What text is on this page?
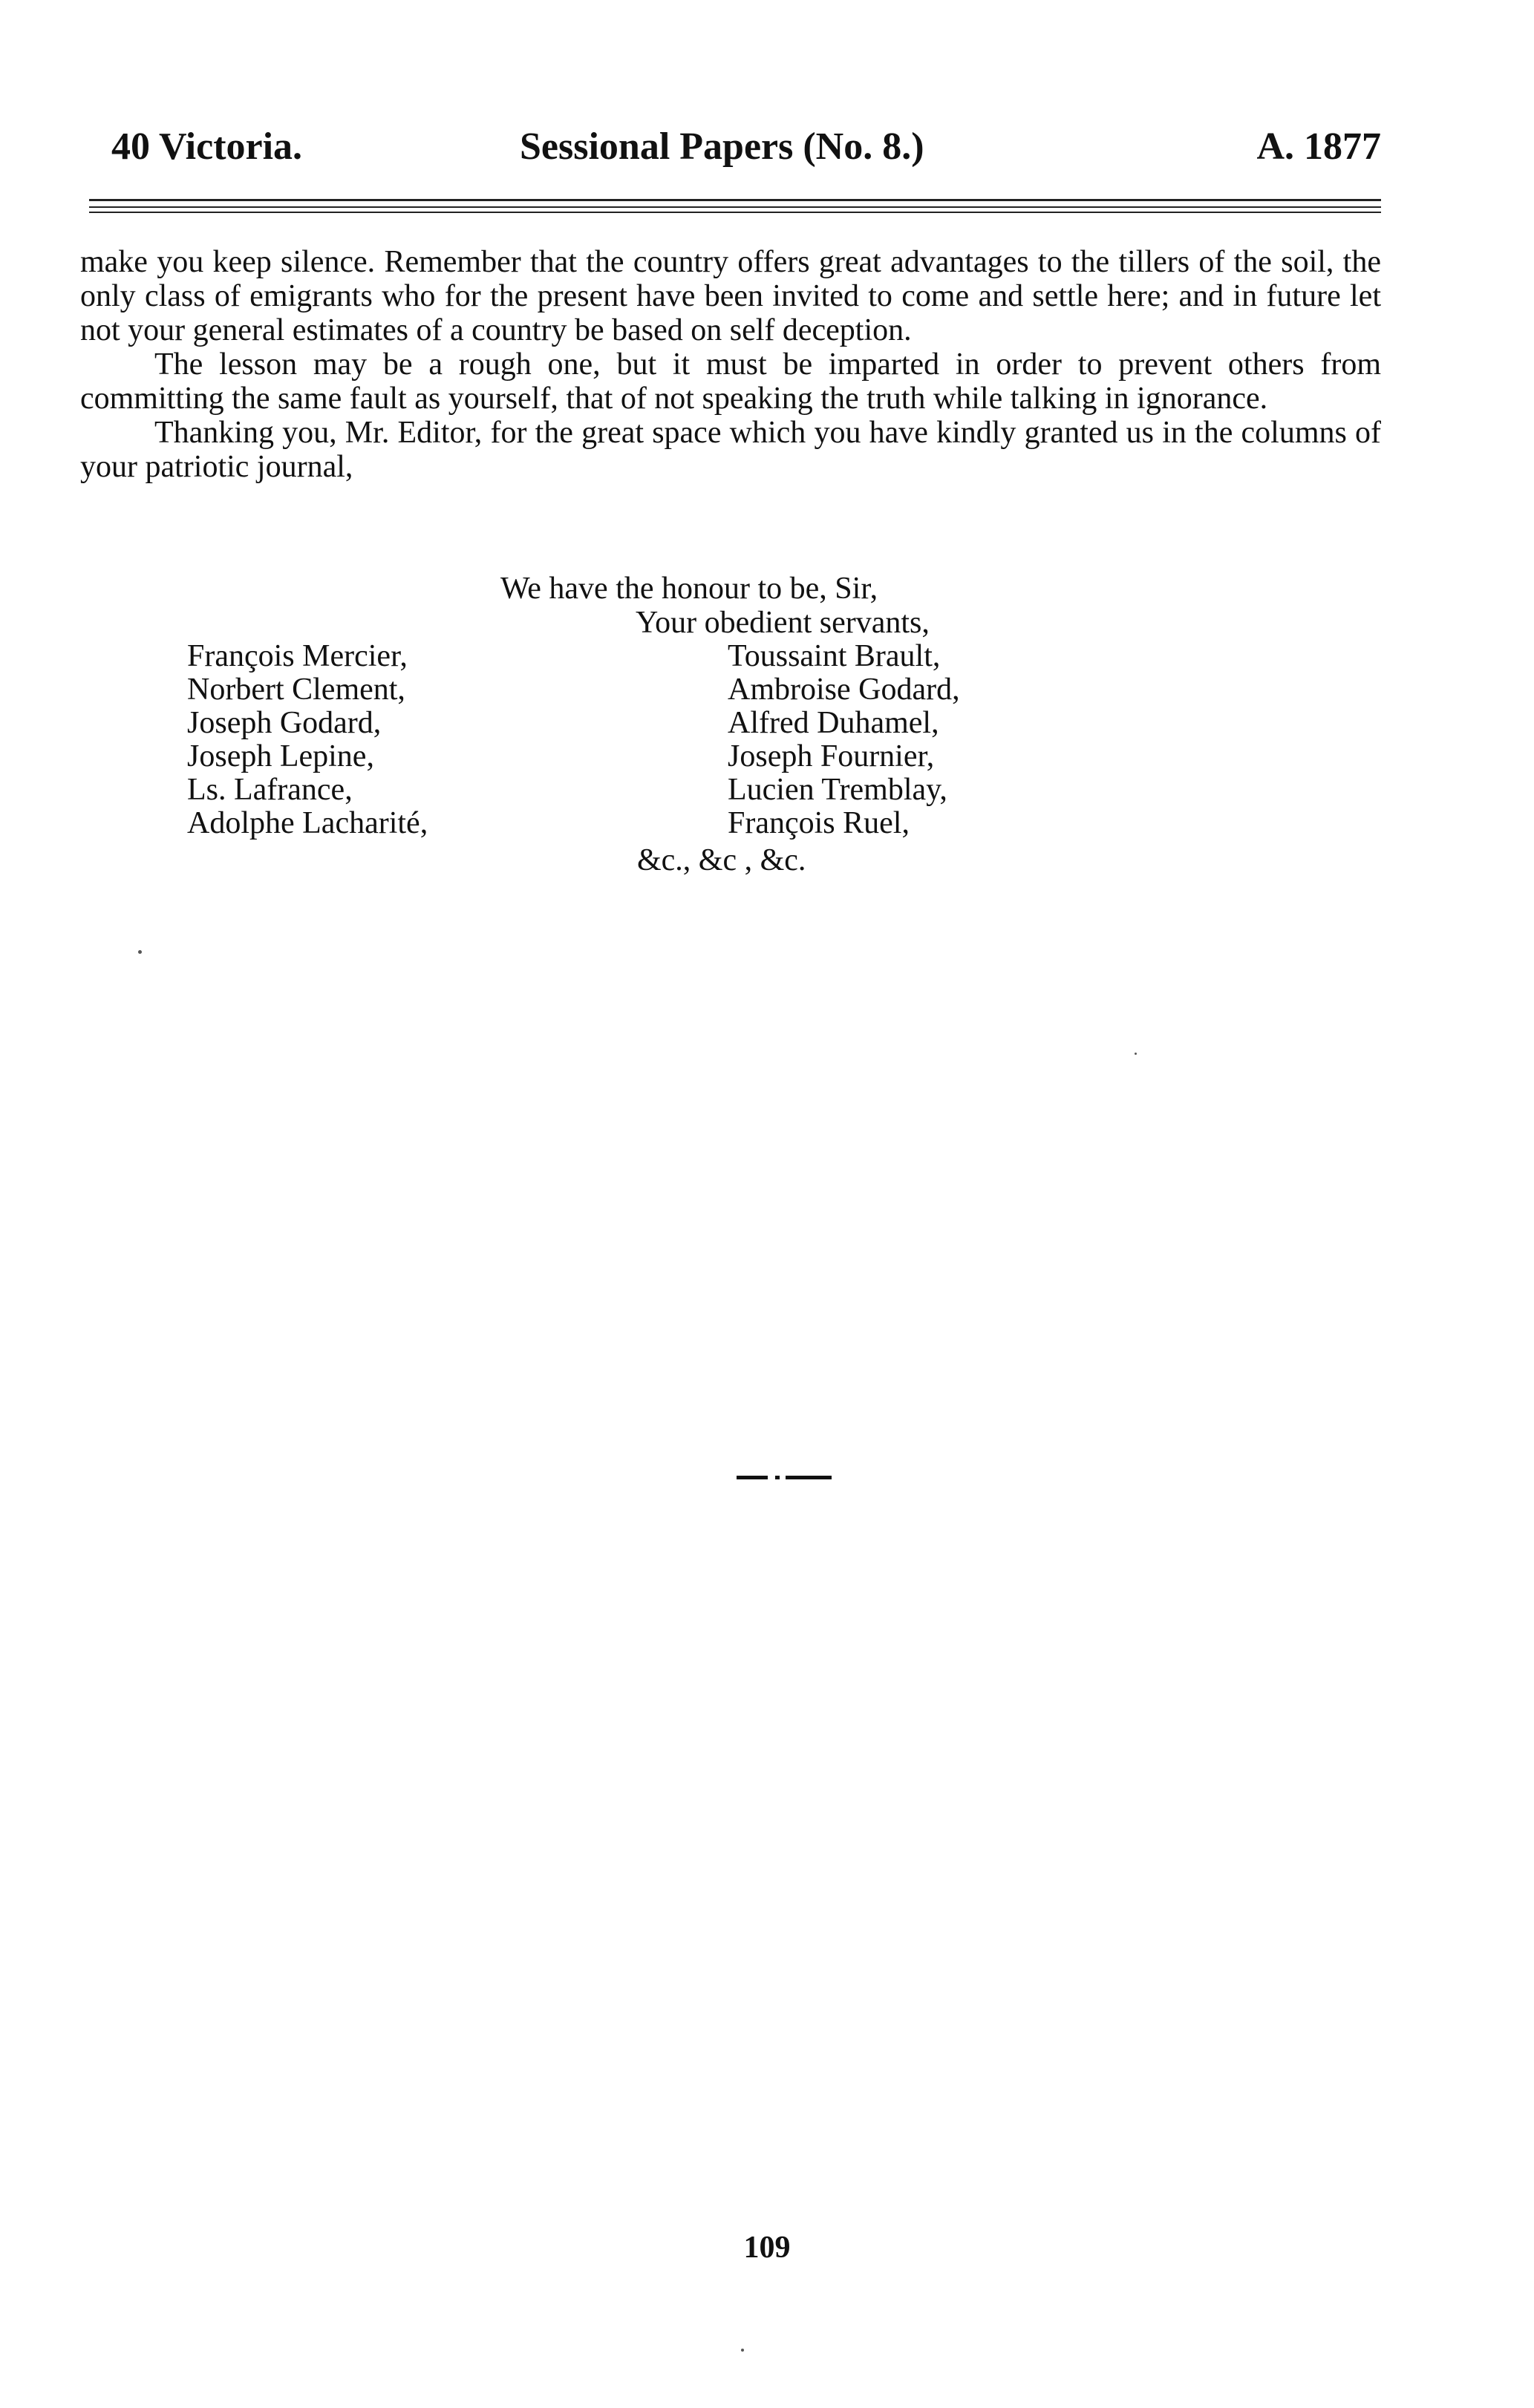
40 Victoria.	Sessional Papers (No. 8.)	A. 1877

make you keep silence. Remember that the country offers great advantages to the tillers of the soil, the only class of emigrants who for the present have been invited to come and settle here; and in future let not your general estimates of a country be based on self deception.

The lesson may be a rough one, but it must be imparted in order to prevent others from committing the same fault as yourself, that of not speaking the truth while talking in ignorance.

Thanking you, Mr. Editor, for the great space which you have kindly granted us in the columns of your patriotic journal,

We have the honour to be, Sir,
Your obedient servants,
François Mercier,
Norbert Clement,
Joseph Godard,
Joseph Lepine,
Ls. Lafrance,
Adolphe Lacharité,
Toussaint Brault,
Ambroise Godard,
Alfred Duhamel,
Joseph Fournier,
Lucien Tremblay,
François Ruel,
&c., &c , &c.
109
